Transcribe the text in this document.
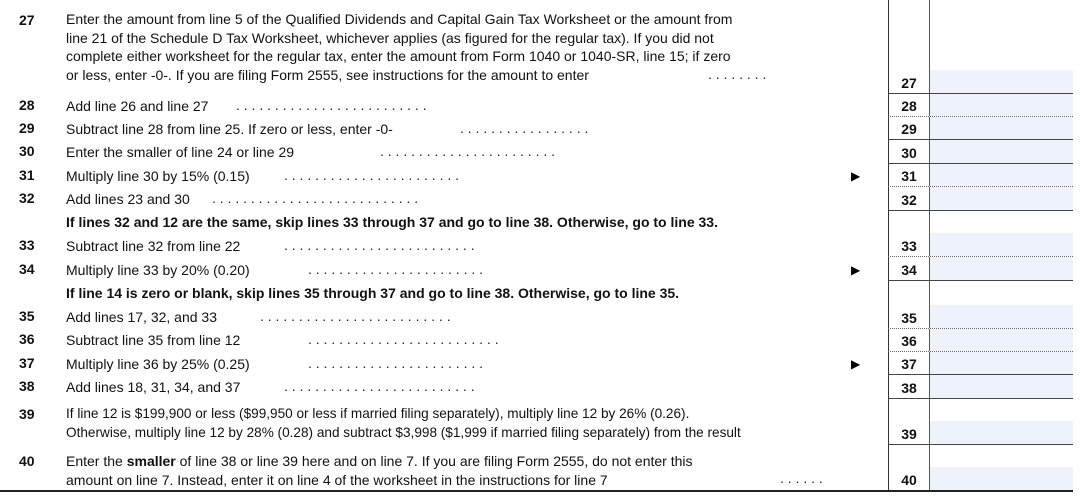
27 Enter the amount from line 5 of the Qualified Dividends and Capital Gain Tax Worksheet or the amount from
line 21 of the Schedule D Tax Worksheet, whichever applies (as figured for the regular tax). If you did not
complete either worksheet for the regular tax, enter the amount from Form 1040 or 1040-SR, line 15; if zero
or less, enter -0-. If you are filing Form 2555, see instructions for the amount to enter	. . . . . . . .
28 Add line 26 and line 27 . . . . . . . . . . . . . . . . . . . . . . . . .
29 Subtract line 28 from line 25. If zero or less, enter -0-	. . . . . . . . . . . . . . . . .
30 Enter the smaller of line 24 or line 29	. . . . . . . . . . . . . . . . . . . . . . .
31 Multiply line 30 by 15% (0.15) . . . . . . . . . . . . . . . . . . . . . . .	▶
32 Add lines 23 and 30 . . . . . . . . . . . . . . . . . . . . . . . . . . .
If lines 32 and 12 are the same, skip lines 33 through 37 and go to line 38. Otherwise, go to line 33.
33 Subtract line 32 from line 22	. . . . . . . . . . . . . . . . . . . . . . . . .
34 Multiply line 33 by 20% (0.20)	. . . . . . . . . . . . . . . . . . . . . . .	▶
If line 14 is zero or blank, skip lines 35 through 37 and go to line 38. Otherwise, go to line 35.
35 Add lines 17, 32, and 33	. . . . . . . . . . . . . . . . . . . . . . . . .
36 Subtract line 35 from line 12	. . . . . . . . . . . . . . . . . . . . . . . . .
37 Multiply line 36 by 25% (0.25)	. . . . . . . . . . . . . . . . . . . . . . .	▶
38 Add lines 18, 31, 34, and 37	. . . . . . . . . . . . . . . . . . . . . . . . .
39 If line 12 is $199,900 or less ($99,950 or less if married filing separately), multiply line 12 by 26% (0.26).
Otherwise, multiply line 12 by 28% (0.28) and subtract $3,998 ($1,999 if married filing separately) from the result
40 Enter the smaller of line 38 or line 39 here and on line 7. If you are filing Form 2555, do not enter this
amount on line 7. Instead, enter it on line 4 of the worksheet in the instructions for line 7	. . . . . .
27
28
29
30
31
32
33
34
35
36
37
38
39
40
